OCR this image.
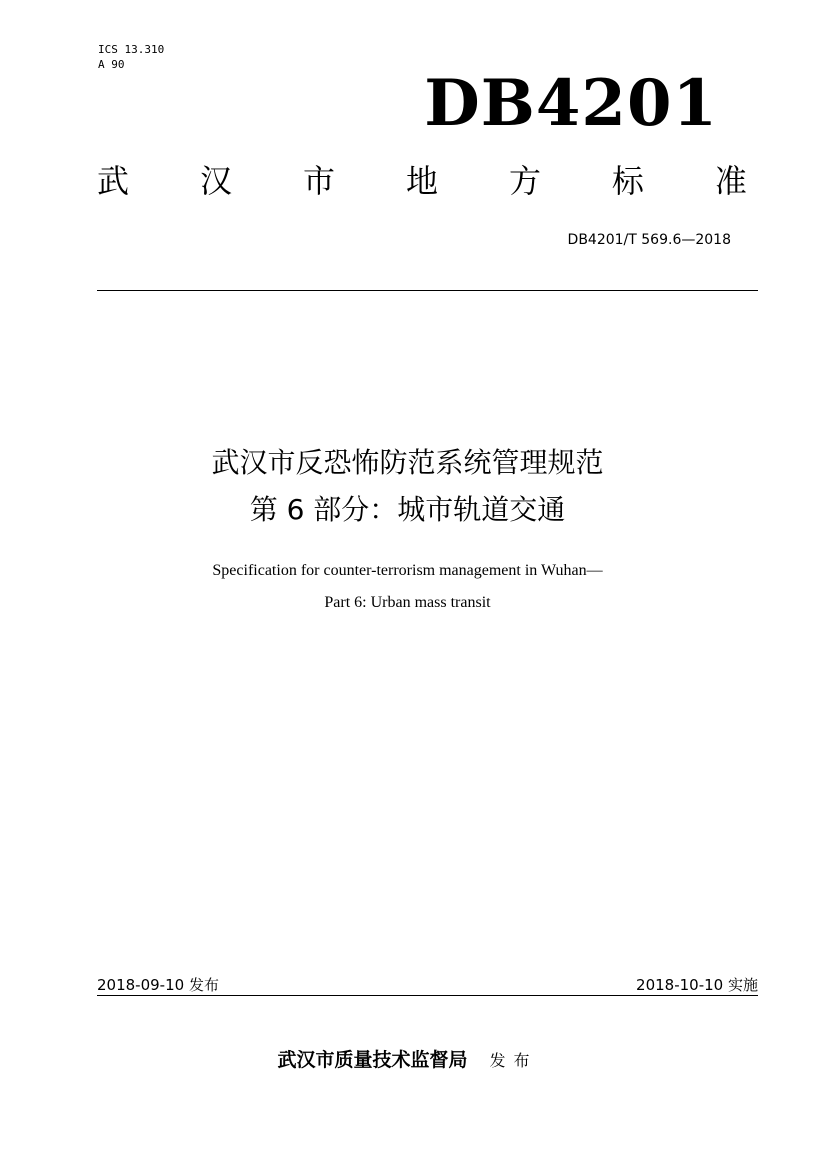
ICS 13.310
A 90
DB4201
武 汉 市 地 方 标 准
DB4201/T 569.6—2018
武汉市反恐怖防范系统管理规范
第 6 部分：城市轨道交通
Specification for counter-terrorism management in Wuhan—
Part 6: Urban mass transit
2018-09-10 发布	2018-10-10 实施
武汉市质量技术监督局 发布
